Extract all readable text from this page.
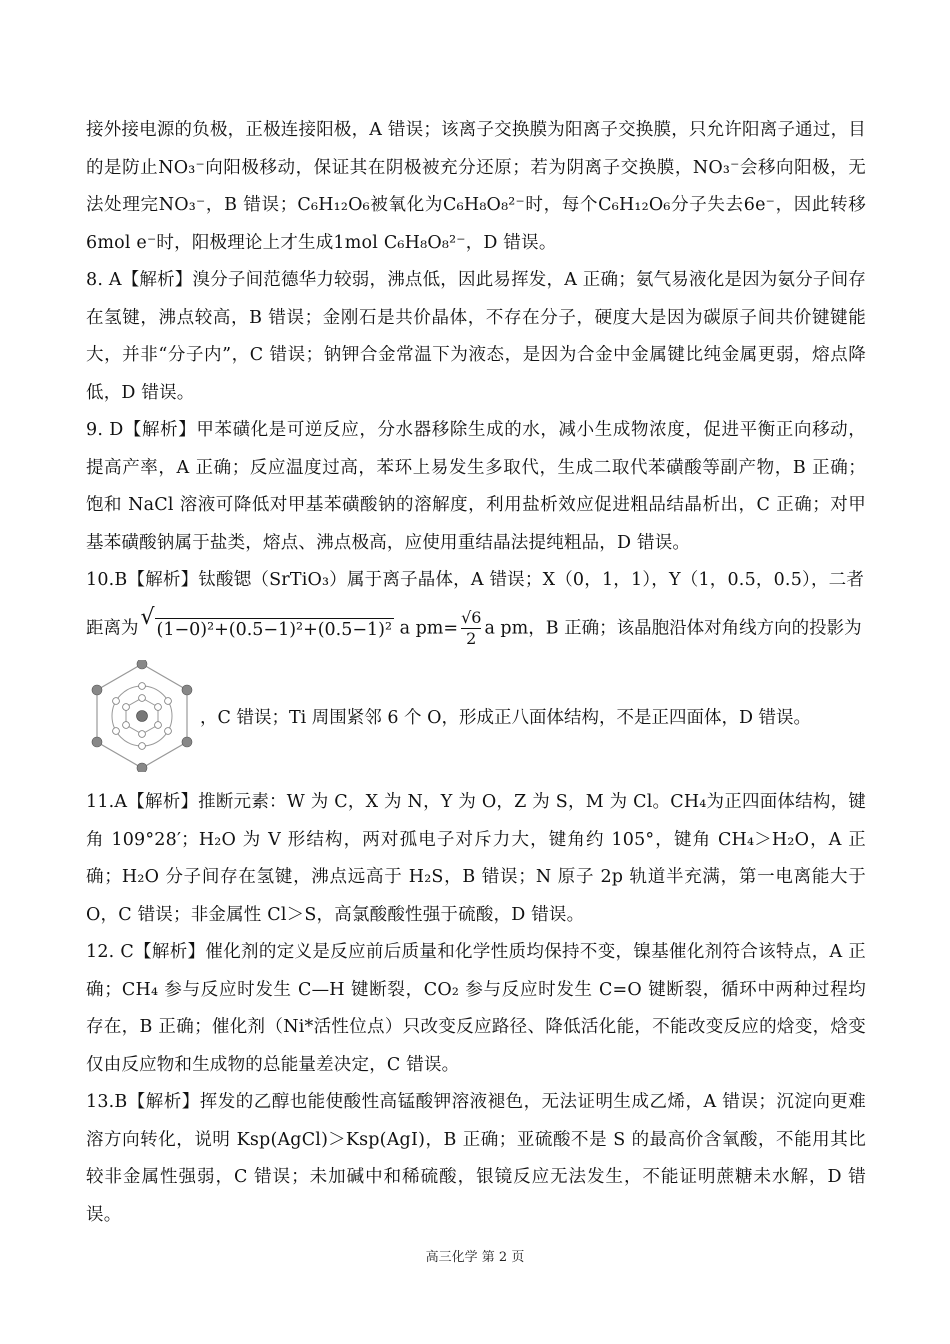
接外接电源的负极，正极连接阳极，A 错误；该离子交换膜为阳离子交换膜，只允许阳离子通过，目的是防止NO₃⁻向阳极移动，保证其在阴极被充分还原；若为阴离子交换膜，NO₃⁻会移向阳极，无法处理完NO₃⁻，B 错误；C₆H₁₂O₆被氧化为C₆H₈O₈²⁻时，每个C₆H₁₂O₆分子失去6e⁻，因此转移6mol e⁻时，阳极理论上才生成1mol C₆H₈O₈²⁻，D 错误。

8. A【解析】溴分子间范德华力较弱，沸点低，因此易挥发，A 正确；氨气易液化是因为氨分子间存在氢键，沸点较高，B 错误；金刚石是共价晶体，不存在分子，硬度大是因为碳原子间共价键键能大，并非“分子内”，C 错误；钠钾合金常温下为液态，是因为合金中金属键比纯金属更弱，熔点降低，D 错误。

9. D【解析】甲苯磺化是可逆反应，分水器移除生成的水，减小生成物浓度，促进平衡正向移动，提高产率，A 正确；反应温度过高，苯环上易发生多取代，生成二取代苯磺酸等副产物，B 正确；饱和 NaCl 溶液可降低对甲基苯磺酸钠的溶解度，利用盐析效应促进粗品结晶析出，C 正确；对甲基苯磺酸钠属于盐类，熔点、沸点极高，应使用重结晶法提纯粗品，D 错误。

10.B【解析】钛酸锶（SrTiO₃）属于离子晶体，A 错误；X（0，1，1），Y（1，0.5，0.5），二者

距离为 √ (1−0)²+(0.5−1)²+(0.5−1)² a $pm= \frac{√6}{2}$ a pm，B 正确；该晶胞沿体对角线方向的投影为
，C 错误；Ti 周围紧邻 6 个 O，形成正八面体结构，不是正四面体，D 错误。

11.A【解析】推断元素：W 为 C，X 为 N，Y 为 O，Z 为 S，M 为 Cl。CH₄为正四面体结构，键角 109°28′；H₂O 为 V 形结构，两对孤电子对斥力大，键角约 105°，键角 CH₄＞H₂O，A 正确；H₂O 分子间存在氢键，沸点远高于 H₂S，B 错误；N 原子 2p 轨道半充满，第一电离能大于 O，C 错误；非金属性 Cl＞S，高氯酸酸性强于硫酸，D 错误。

12. C【解析】催化剂的定义是反应前后质量和化学性质均保持不变，镍基催化剂符合该特点，A 正确；CH₄ 参与反应时发生 C—H 键断裂，CO₂ 参与反应时发生 C=O 键断裂，循环中两种过程均存在，B 正确；催化剂（Ni*活性位点）只改变反应路径、降低活化能，不能改变反应的焓变，焓变仅由反应物和生成物的总能量差决定，C 错误。

13.B【解析】挥发的乙醇也能使酸性高锰酸钾溶液褪色，无法证明生成乙烯，A 错误；沉淀向更难溶方向转化，说明 Ksp(AgCl)＞Ksp(AgI)，B 正确；亚硫酸不是 S 的最高价含氧酸，不能用其比较非金属性强弱，C 错误；未加碱中和稀硫酸，银镜反应无法发生，不能证明蔗糖未水解，D 错误。

高三化学 第 2 页
